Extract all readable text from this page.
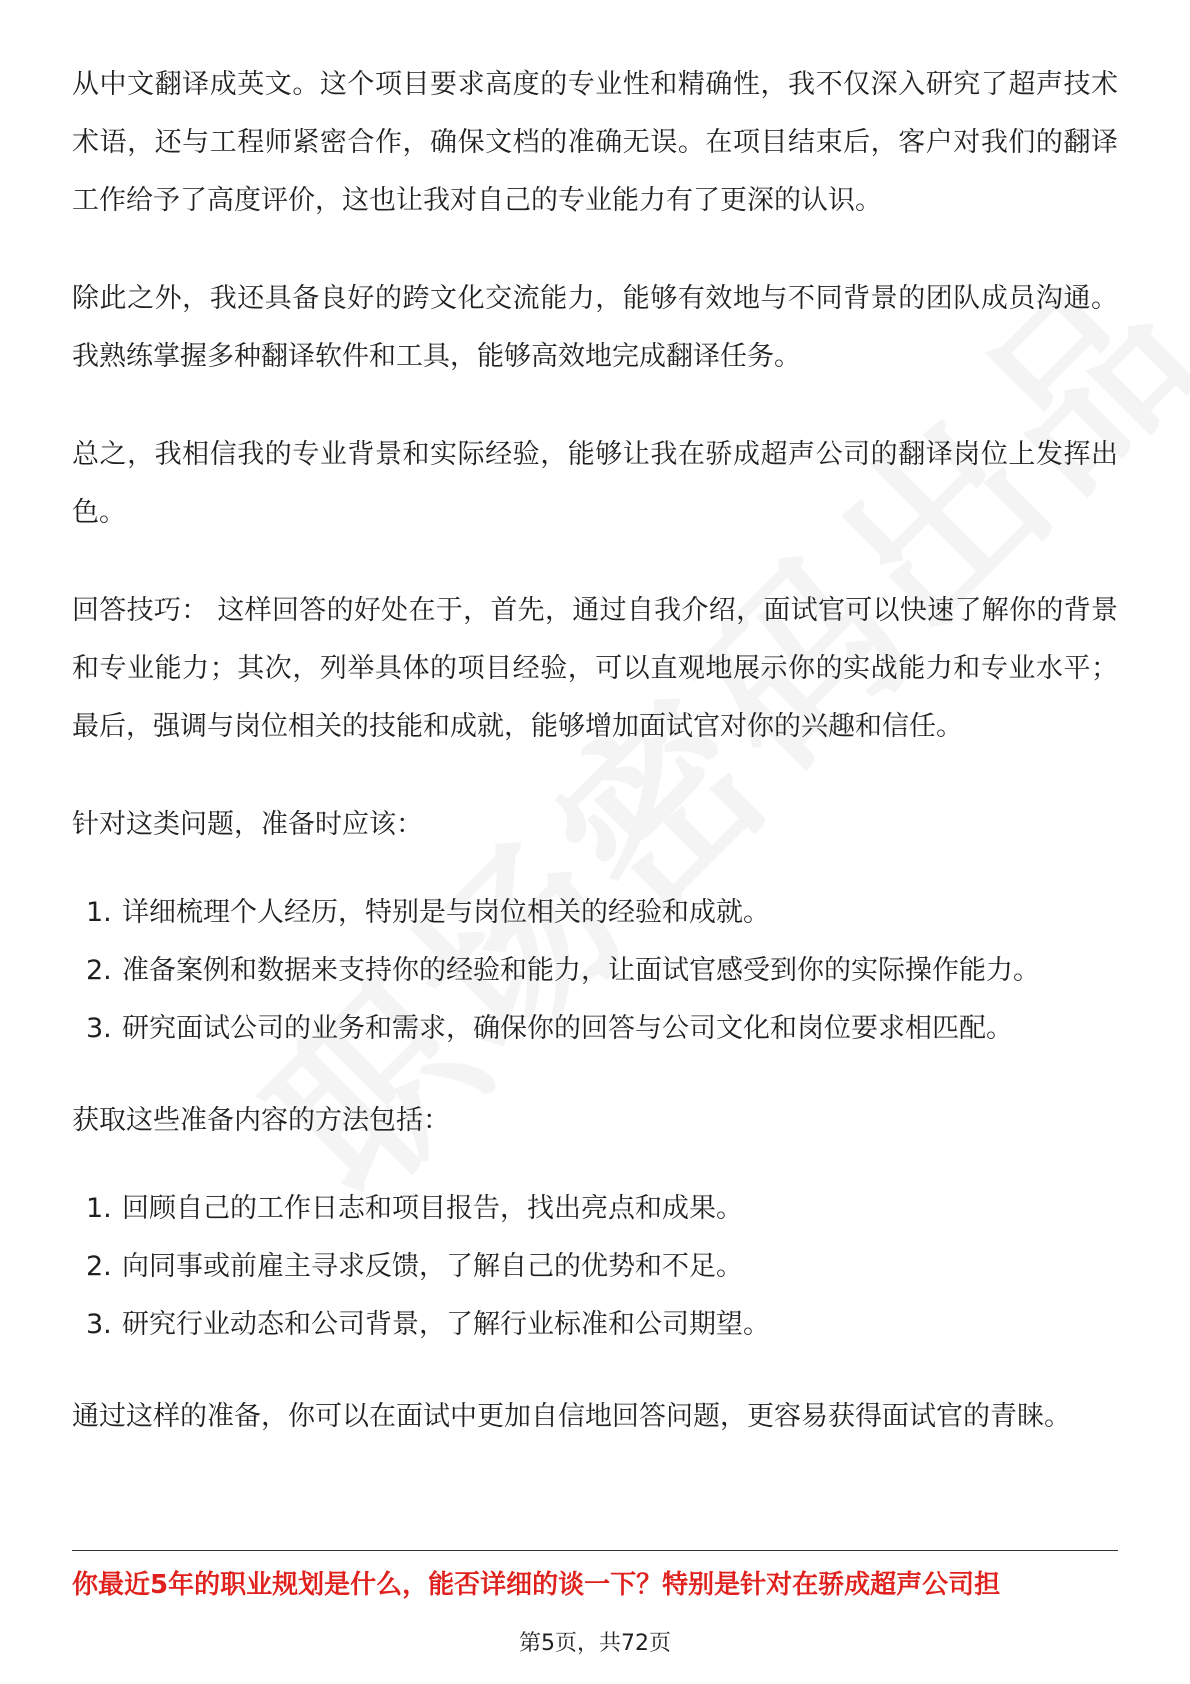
从中文翻译成英文。这个项目要求高度的专业性和精确性，我不仅深入研究了超声技术术语，还与工程师紧密合作，确保文档的准确无误。在项目结束后，客户对我们的翻译工作给予了高度评价，这也让我对自己的专业能力有了更深的认识。

除此之外，我还具备良好的跨文化交流能力，能够有效地与不同背景的团队成员沟通。我熟练掌握多种翻译软件和工具，能够高效地完成翻译任务。

总之，我相信我的专业背景和实际经验，能够让我在骄成超声公司的翻译岗位上发挥出色。

回答技巧： 这样回答的好处在于，首先，通过自我介绍，面试官可以快速了解你的背景和专业能力；其次，列举具体的项目经验，可以直观地展示你的实战能力和专业水平；最后，强调与岗位相关的技能和成就，能够增加面试官对你的兴趣和信任。

针对这类问题，准备时应该：

1. 详细梳理个人经历，特别是与岗位相关的经验和成就。
2. 准备案例和数据来支持你的经验和能力，让面试官感受到你的实际操作能力。
3. 研究面试公司的业务和需求，确保你的回答与公司文化和岗位要求相匹配。

获取这些准备内容的方法包括：

1. 回顾自己的工作日志和项目报告，找出亮点和成果。
2. 向同事或前雇主寻求反馈，了解自己的优势和不足。
3. 研究行业动态和公司背景，了解行业标准和公司期望。

通过这样的准备，你可以在面试中更加自信地回答问题，更容易获得面试官的青睐。

你最近5年的职业规划是什么，能否详细的谈一下？特别是针对在骄成超声公司担
第5页，共72页
